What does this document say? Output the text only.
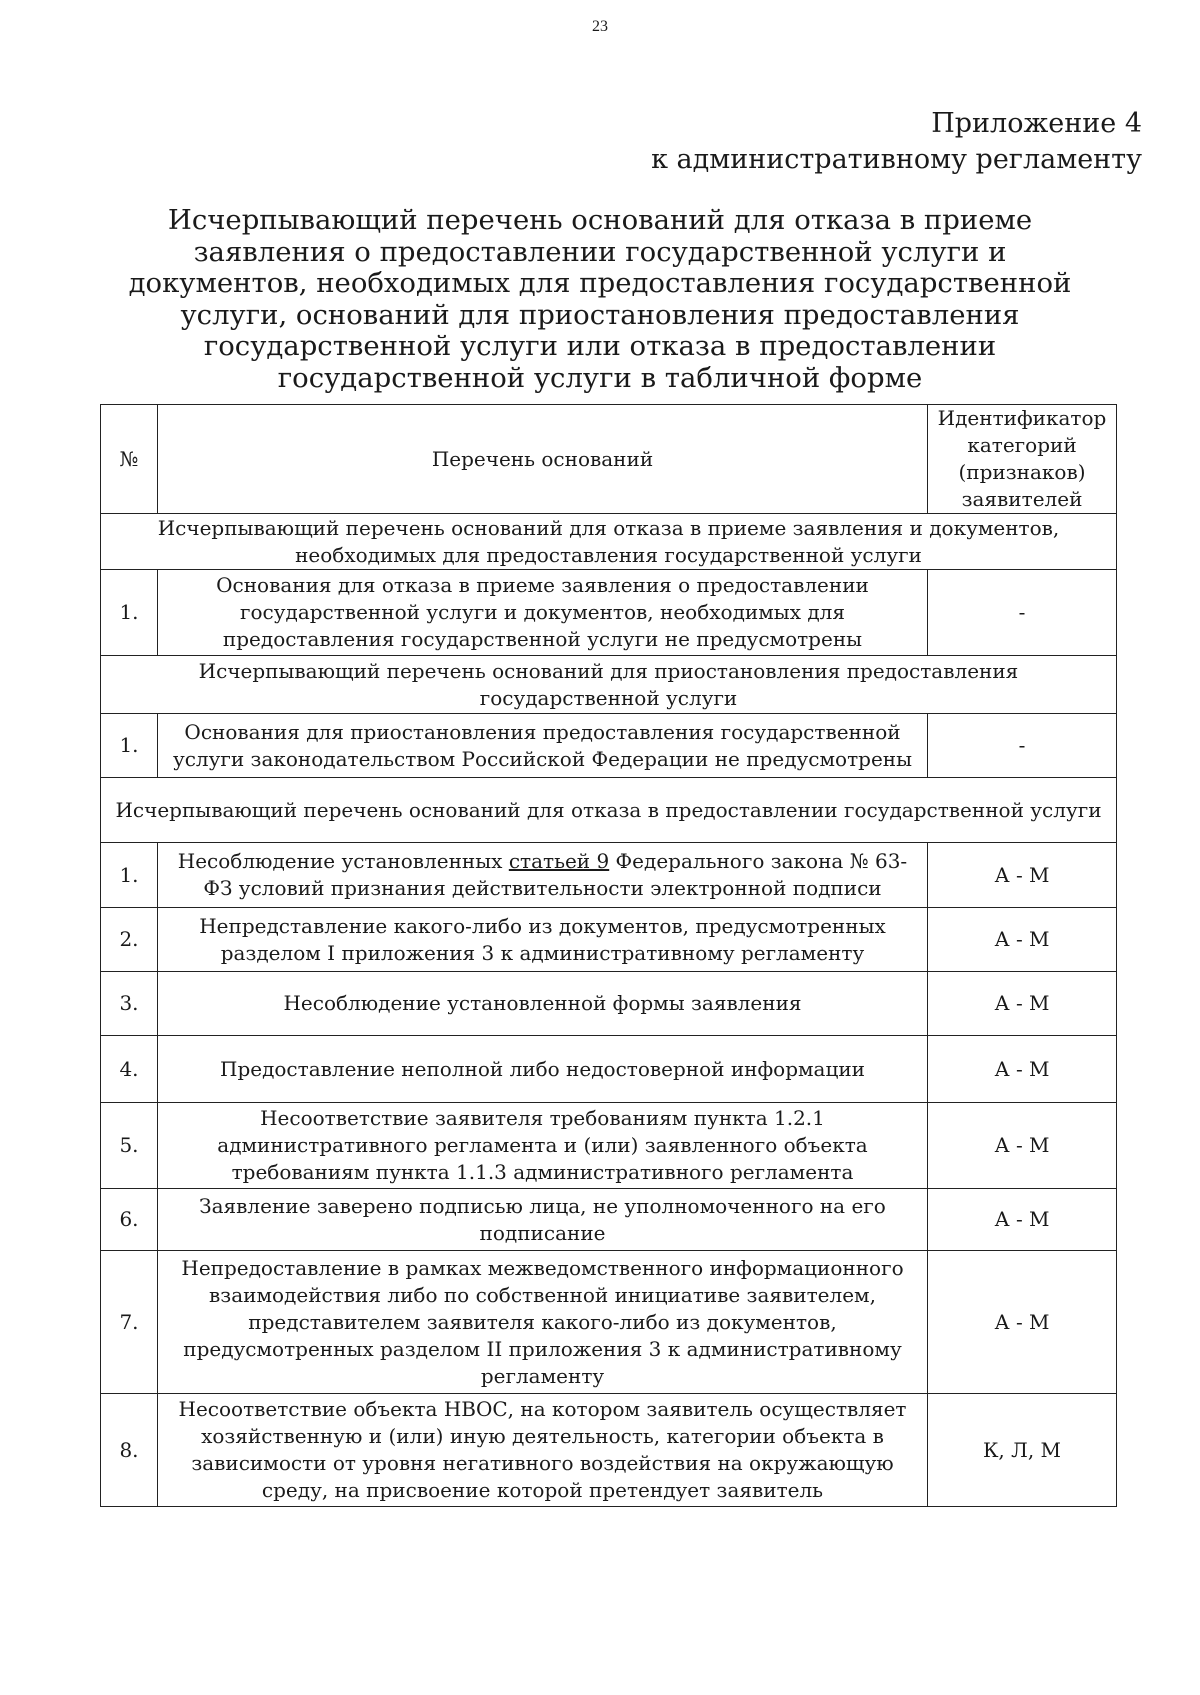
23
Приложение 4
к административному регламенту
Исчерпывающий перечень оснований для отказа в приеме заявления о предоставлении государственной услуги и документов, необходимых для предоставления государственной услуги, оснований для приостановления предоставления государственной услуги или отказа в предоставлении государственной услуги в табличной форме
№	Перечень оснований	Идентификатор категорий (признаков) заявителей
Исчерпывающий перечень оснований для отказа в приеме заявления и документов, необходимых для предоставления государственной услуги		
1.	Основания для отказа в приеме заявления о предоставлении государственной услуги и документов, необходимых для предоставления государственной услуги не предусмотрены	-
Исчерпывающий перечень оснований для приостановления предоставления государственной услуги		
1.	Основания для приостановления предоставления государственной услуги законодательством Российской Федерации не предусмотрены	-
Исчерпывающий перечень оснований для отказа в предоставлении государственной услуги		
1.	Несоблюдение установленных статьей 9 Федерального закона № 63-ФЗ условий признания действительности электронной подписи	А - М
2.	Непредставление какого-либо из документов, предусмотренных разделом I приложения 3 к административному регламенту	А - М
3.	Несоблюдение установленной формы заявления	А - М
4.	Предоставление неполной либо недостоверной информации	А - М
5.	Несоответствие заявителя требованиям пункта 1.2.1 административного регламента и (или) заявленного объекта требованиям пункта 1.1.3 административного регламента	А - М
6.	Заявление заверено подписью лица, не уполномоченного на его подписание	А - М
7.	Непредоставление в рамках межведомственного информационного взаимодействия либо по собственной инициативе заявителем, представителем заявителя какого-либо из документов, предусмотренных разделом II приложения 3 к административному регламенту	А - М
8.	Несоответствие объекта НВОС, на котором заявитель осуществляет хозяйственную и (или) иную деятельность, категории объекта в зависимости от уровня негативного воздействия на окружающую среду, на присвоение которой претендует заявитель	К, Л, М
